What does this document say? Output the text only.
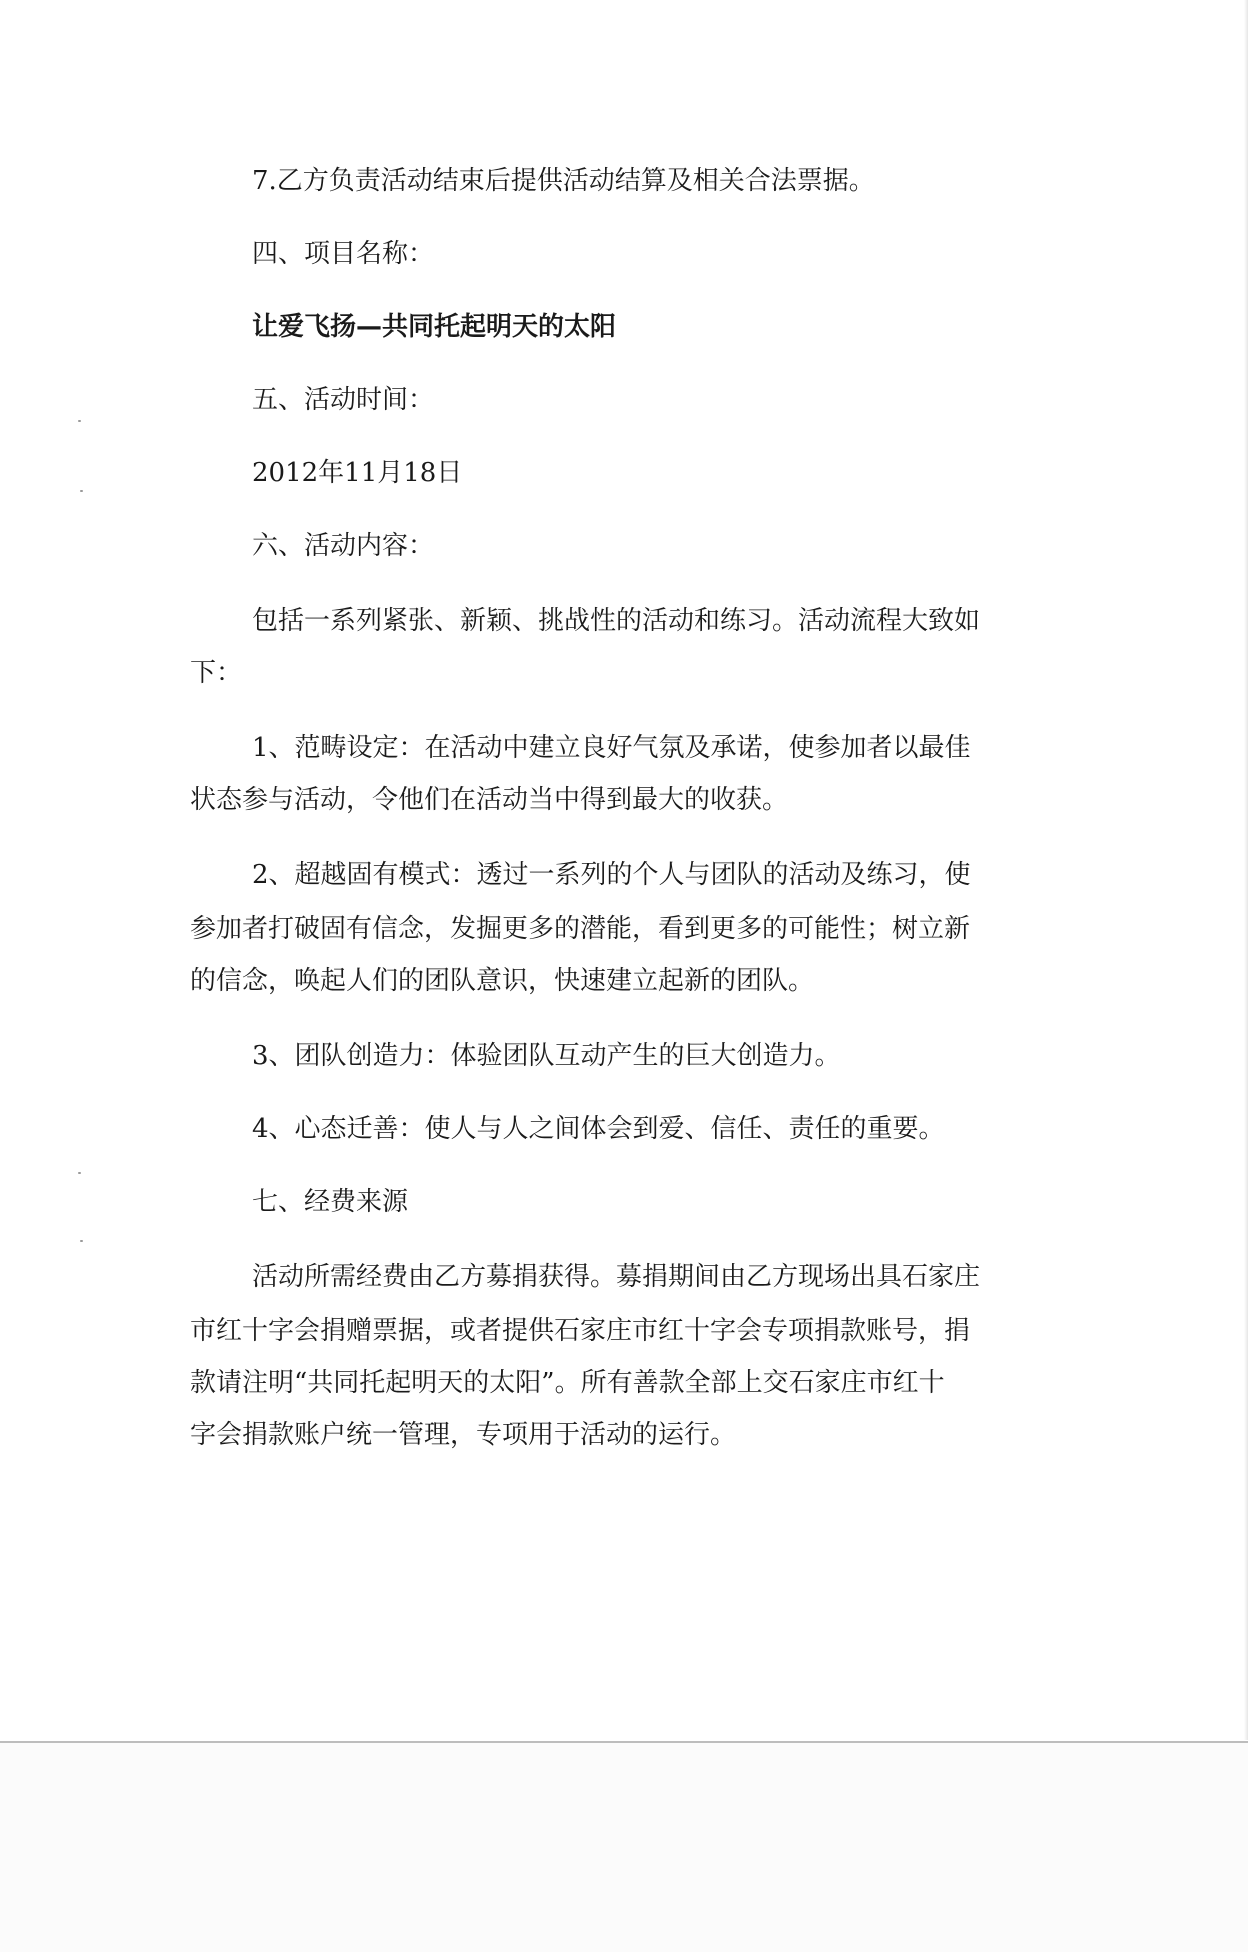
7.乙方负责活动结束后提供活动结算及相关合法票据。

四、项目名称：

让爱飞扬—共同托起明天的太阳

五、活动时间：

2012年11月18日

六、活动内容：

包括一系列紧张、新颖、挑战性的活动和练习。活动流程大致如

下：

1、范畴设定：在活动中建立良好气氛及承诺，使参加者以最佳

状态参与活动，令他们在活动当中得到最大的收获。

2、超越固有模式：透过一系列的个人与团队的活动及练习，使

参加者打破固有信念，发掘更多的潜能，看到更多的可能性；树立新

的信念，唤起人们的团队意识，快速建立起新的团队。

3、团队创造力：体验团队互动产生的巨大创造力。

4、心态迁善：使人与人之间体会到爱、信任、责任的重要。

七、经费来源

活动所需经费由乙方募捐获得。募捐期间由乙方现场出具石家庄

市红十字会捐赠票据，或者提供石家庄市红十字会专项捐款账号，捐

款请注明“共同托起明天的太阳”。所有善款全部上交石家庄市红十

字会捐款账户统一管理，专项用于活动的运行。
